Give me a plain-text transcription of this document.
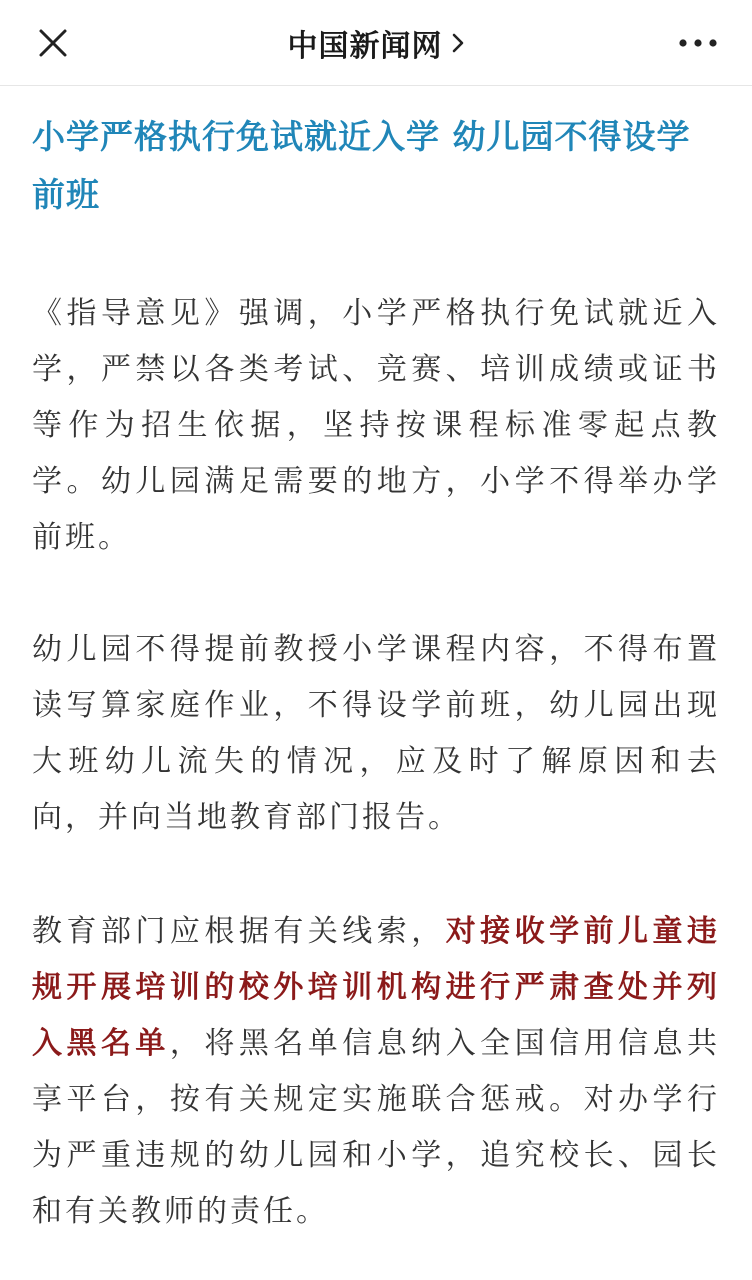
中国新闻网
小学严格执行免试就近入学 幼儿园不得设学前班

《指导意见》强调，小学严格执行免试就近入学，严禁以各类考试、竞赛、培训成绩或证书等作为招生依据，坚持按课程标准零起点教学。幼儿园满足需要的地方，小学不得举办学前班。

幼儿园不得提前教授小学课程内容，不得布置读写算家庭作业，不得设学前班，幼儿园出现大班幼儿流失的情况，应及时了解原因和去向，并向当地教育部门报告。

教育部门应根据有关线索，对接收学前儿童违规开展培训的校外培训机构进行严肃查处并列入黑名单，将黑名单信息纳入全国信用信息共享平台，按有关规定实施联合惩戒。对办学行为严重违规的幼儿园和小学，追究校长、园长和有关教师的责任。
